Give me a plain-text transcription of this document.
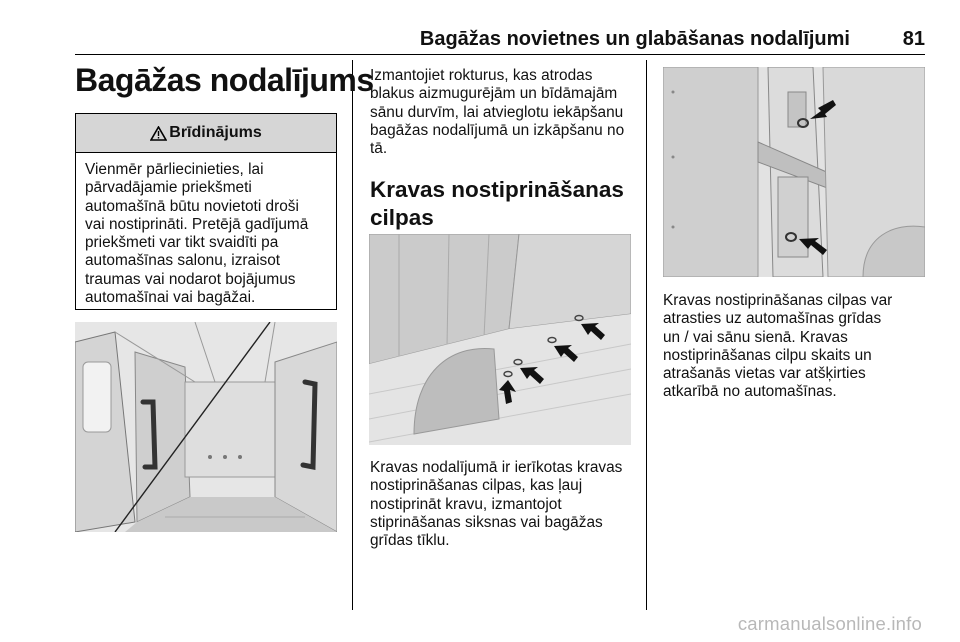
Bagāžas novietnes un glabāšanas nodalījumi	81
Bagāžas nodalījums
Brīdinājums
Vienmēr pārliecinieties, lai
pārvadājamie priekšmeti
automašīnā būtu novietoti droši
vai nostiprināti. Pretējā gadījumā
priekšmeti var tikt svaidīti pa
automašīnas salonu, izraisot
traumas vai nodarot bojājumus
automašīnai vai bagāžai.
Izmantojiet rokturus, kas atrodas
blakus aizmugurējām un bīdāmajām
sānu durvīm, lai atvieglotu iekāpšanu
bagāžas nodalījumā un izkāpšanu no
tā.
Kravas nostiprināšanas
cilpas
Kravas nodalījumā ir ierīkotas kravas
nostiprināšanas cilpas, kas ļauj
nostiprināt kravu, izmantojot
stiprināšanas siksnas vai bagāžas
grīdas tīklu.
Kravas nostiprināšanas cilpas var
atrasties uz automašīnas grīdas
un / vai sānu sienā. Kravas
nostiprināšanas cilpu skaits un
atrašanās vietas var atšķirties
atkarībā no automašīnas.
carmanualsonline.info
